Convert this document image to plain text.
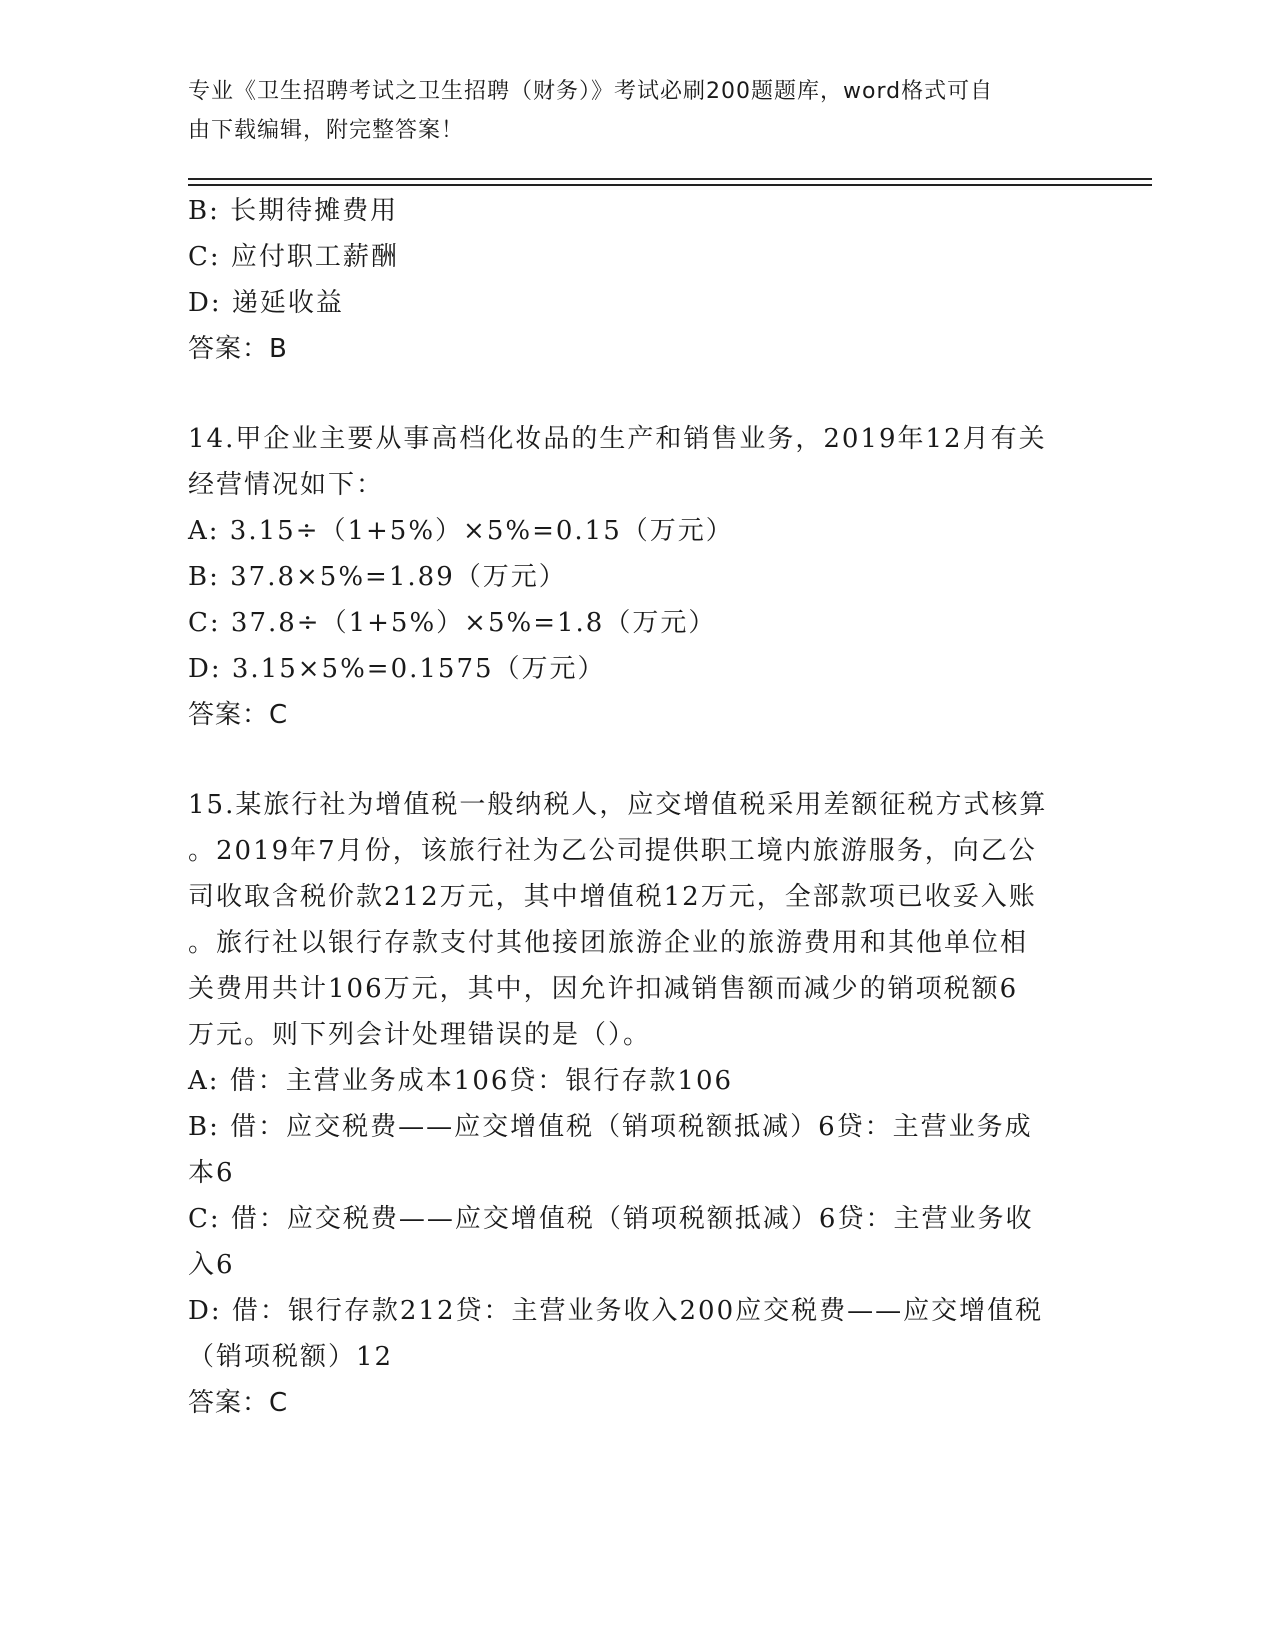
专业《卫生招聘考试之卫生招聘（财务）》考试必刷200题题库，word格式可自
由下载编辑，附完整答案！
B: 长期待摊费用
C: 应付职工薪酬
D: 递延收益
答案：B
14.甲企业主要从事高档化妆品的生产和销售业务，2019年12月有关
经营情况如下：
A: 3.15÷（1+5%）×5%=0.15（万元）
B: 37.8×5%=1.89（万元）
C: 37.8÷（1+5%）×5%=1.8（万元）
D: 3.15×5%=0.1575（万元）
答案：C
15.某旅行社为增值税一般纳税人，应交增值税采用差额征税方式核算
。2019年7月份，该旅行社为乙公司提供职工境内旅游服务，向乙公
司收取含税价款212万元，其中增值税12万元，全部款项已收妥入账
。旅行社以银行存款支付其他接团旅游企业的旅游费用和其他单位相
关费用共计106万元，其中，因允许扣减销售额而减少的销项税额6
万元。则下列会计处理错误的是（）。
A: 借：主营业务成本106贷：银行存款106
B: 借：应交税费——应交增值税（销项税额抵减）6贷：主营业务成
本6
C: 借：应交税费——应交增值税（销项税额抵减）6贷：主营业务收
入6
D: 借：银行存款212贷：主营业务收入200应交税费——应交增值税
（销项税额）12
答案：C
